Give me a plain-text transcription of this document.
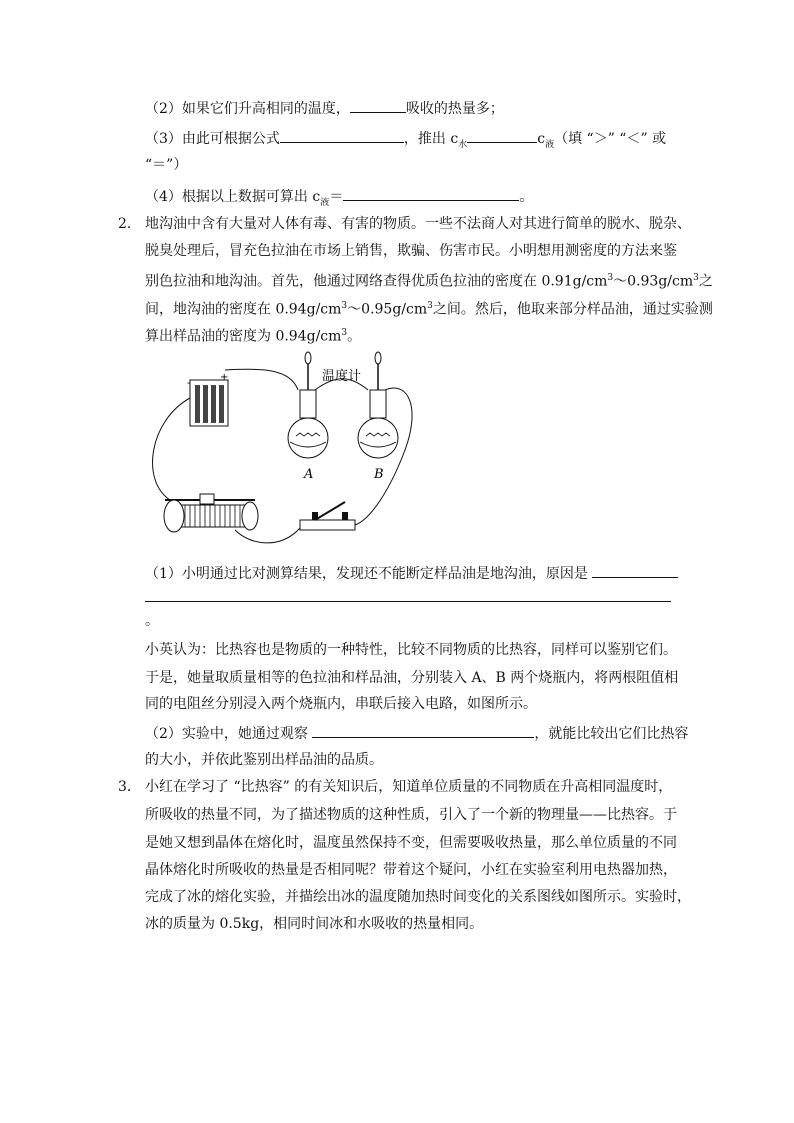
（2）如果它们升高相同的温度，	吸收的热量多；
（3）由此可根据公式	，推出 $c_水$	$c_液$（填 “＞” “＜” 或
“＝”）
（4）根据以上数据可算出 $c_液=$	。
2． 地沟油中含有大量对人体有毒、有害的物质。一些不法商人对其进行简单的脱水、脱杂、
脱臭处理后，冒充色拉油在市场上销售，欺骗、伤害市民。小明想用测密度的方法来鉴
别色拉油和地沟油。首先，他通过网络查得优质色拉油的密度在 $0.91g/cm^3\sim 0.93g/cm^3$之
间，地沟油的密度在 $0.94g/cm^3\sim 0.95g/cm^3$之间。然后，他取来部分样品油，通过实验测
算出样品油的密度为 $0.94g/cm^3$。
-
+	温度计
A	B
（1）小明通过比对测算结果，发现还不能断定样品油是地沟油，原因是
。
小英认为：比热容也是物质的一种特性，比较不同物质的比热容，同样可以鉴别它们。
于是，她量取质量相等的色拉油和样品油，分别装入 A、B 两个烧瓶内，将两根阻值相
同的电阻丝分别浸入两个烧瓶内，串联后接入电路，如图所示。
（2）实验中，她通过观察	，就能比较出它们比热容
的大小，并依此鉴别出样品油的品质。
3． 小红在学习了 “比热容” 的有关知识后，知道单位质量的不同物质在升高相同温度时，
所吸收的热量不同，为了描述物质的这种性质，引入了一个新的物理量——比热容。于
是她又想到晶体在熔化时，温度虽然保持不变，但需要吸收热量，那么单位质量的不同
晶体熔化时所吸收的热量是否相同呢？带着这个疑问，小红在实验室利用电热器加热，
完成了冰的熔化实验，并描绘出冰的温度随加热时间变化的关系图线如图所示。实验时，
冰的质量为 0.5kg，相同时间冰和水吸收的热量相同。
